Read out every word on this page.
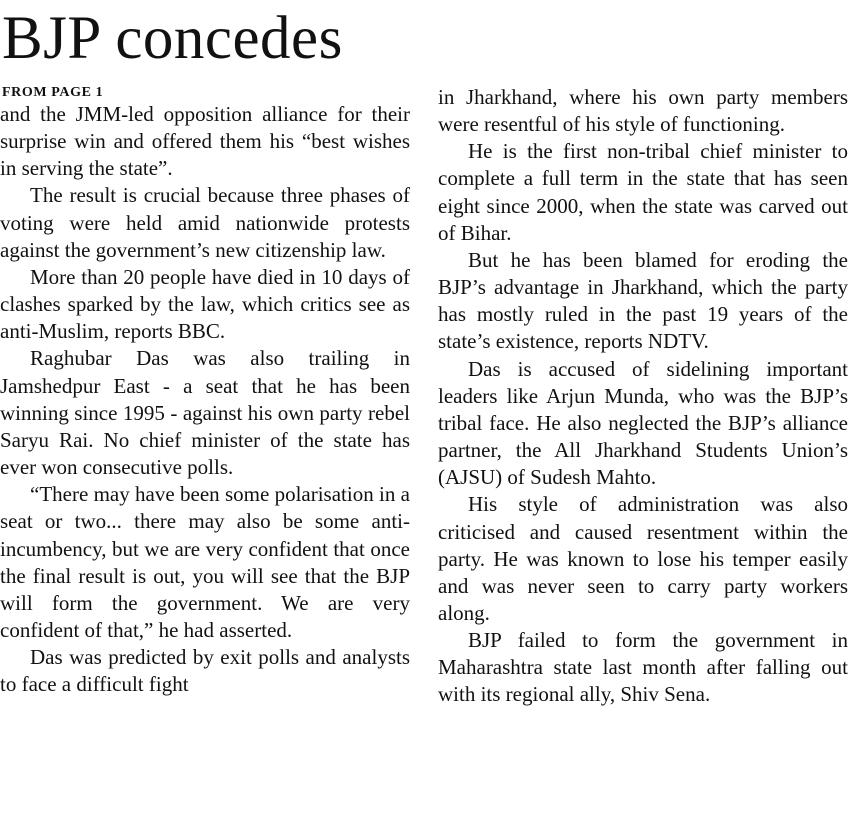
BJP concedes
FROM PAGE 1

and the JMM-led opposition alliance for their surprise win and offered them his “best wishes in serving the state”.

The result is crucial because three phases of voting were held amid nationwide protests against the government’s new citizenship law.

More than 20 people have died in 10 days of clashes sparked by the law, which critics see as anti-Muslim, reports BBC.

Raghubar Das was also trailing in Jamshedpur East - a seat that he has been winning since 1995 - against his own party rebel Saryu Rai. No chief minister of the state has ever won consecutive polls.

“There may have been some polarisation in a seat or two... there may also be some anti-incumbency, but we are very confident that once the final result is out, you will see that the BJP will form the government. We are very confident of that,” he had asserted.

Das was predicted by exit polls and analysts to face a difficult fight

in Jharkhand, where his own party members were resentful of his style of functioning.

He is the first non-tribal chief minister to complete a full term in the state that has seen eight since 2000, when the state was carved out of Bihar.

But he has been blamed for eroding the BJP’s advantage in Jharkhand, which the party has mostly ruled in the past 19 years of the state’s existence, reports NDTV.

Das is accused of sidelining important leaders like Arjun Munda, who was the BJP’s tribal face. He also neglected the BJP’s alliance partner, the All Jharkhand Students Union’s (AJSU) of Sudesh Mahto.

His style of administration was also criticised and caused resentment within the party. He was known to lose his temper easily and was never seen to carry party workers along.

BJP failed to form the government in Maharashtra state last month after falling out with its regional ally, Shiv Sena.
